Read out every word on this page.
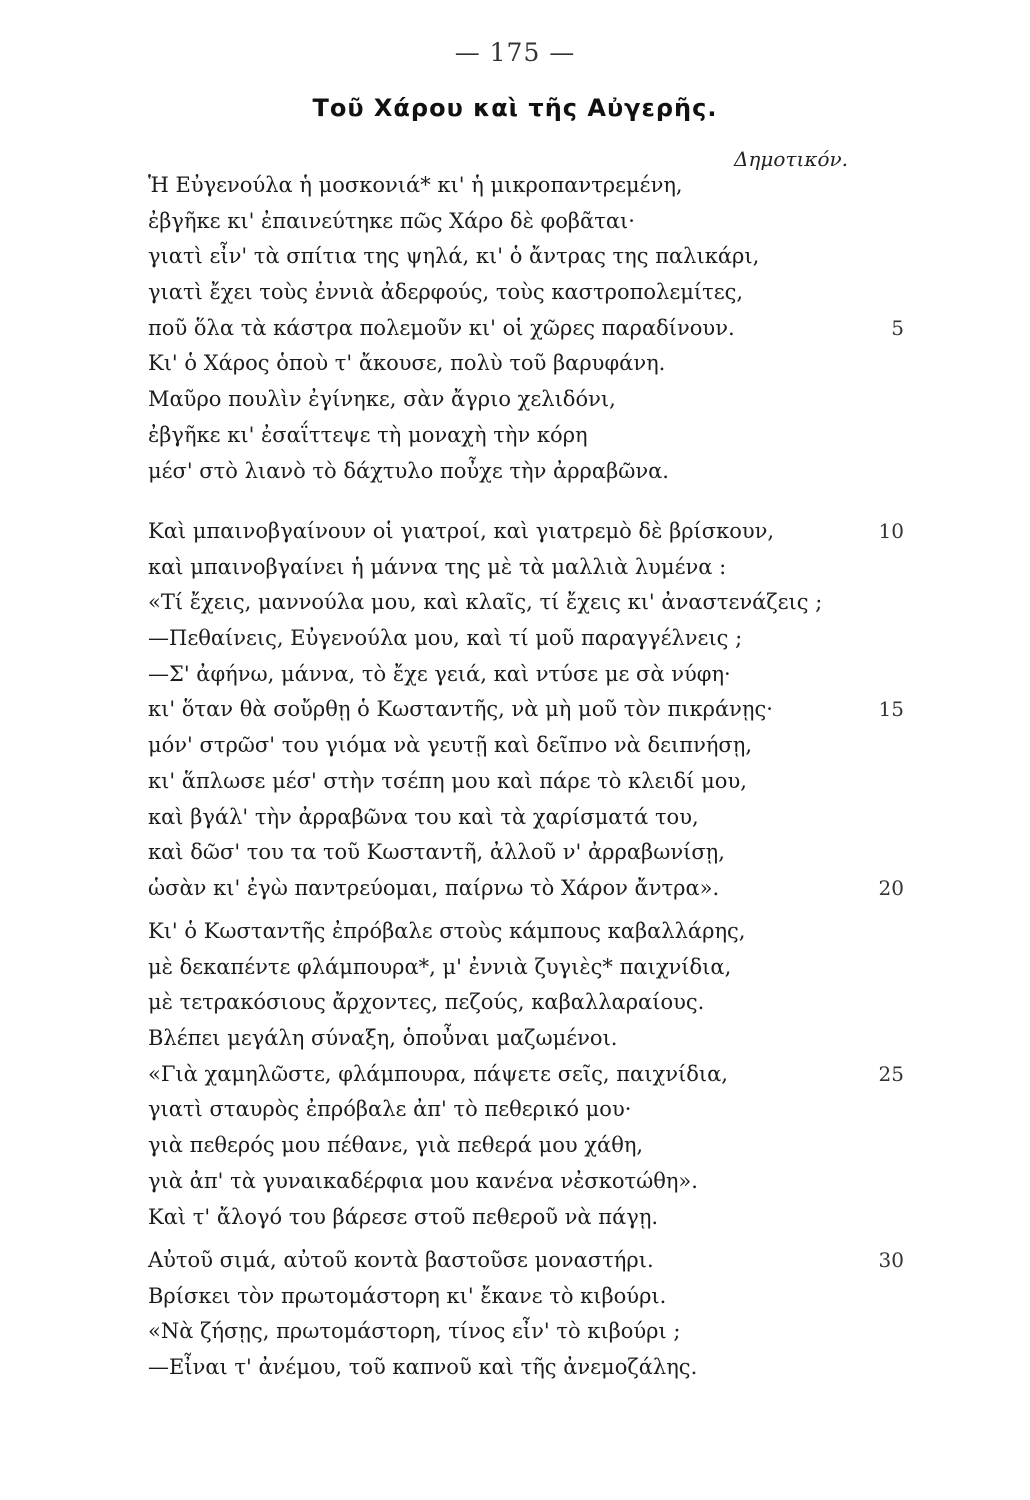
— 175 —
Τοῦ Χάρου καὶ τῆς Αὐγερῆς.
Δημοτικόν.
Ἡ Εὐγενούλα ἡ μοσκονιά* κι' ἡ μικροπαντρεμένη,
ἐβγῆκε κι' ἐπαινεύτηκε πῶς Χάρο δὲ φοβᾶται·
γιατὶ εἶν' τὰ σπίτια της ψηλά, κι' ὁ ἄντρας της παλικάρι,
γιατὶ ἔχει τοὺς ἐννιὰ ἀδερφούς, τοὺς καστροπολεμίτες,
ποῦ ὅλα τὰ κάστρα πολεμοῦν κι' οἱ χῶρες παραδίνουν.	5
Κι' ὁ Χάρος ὁποὺ τ' ἄκουσε, πολὺ τοῦ βαρυφάνη.
Μαῦρο πουλὶν ἐγίνηκε, σὰν ἄγριο χελιδόνι,
ἐβγῆκε κι' ἐσαΐττεψε τὴ μοναχὴ τὴν κόρη
μέσ' στὸ λιανὸ τὸ δάχτυλο ποὖχε τὴν ἀρραβῶνα.
Καὶ μπαινοβγαίνουν οἱ γιατροί, καὶ γιατρεμὸ δὲ βρίσκουν,	10
καὶ μπαινοβγαίνει ἡ μάννα της μὲ τὰ μαλλιὰ λυμένα :
«Τί ἔχεις, μαννούλα μου, καὶ κλαῖς, τί ἔχεις κι' ἀναστενάζεις ;
—Πεθαίνεις, Εὐγενούλα μου, καὶ τί μοῦ παραγγέλνεις ;
—Σ' ἀφήνω, μάννα, τὸ ἔχε γειά, καὶ ντύσε με σὰ νύφη·
κι' ὅταν θὰ σοὔρθῃ ὁ Κωσταντῆς, νὰ μὴ μοῦ τὸν πικράνῃς·	15
μόν' στρῶσ' του γιόμα νὰ γευτῇ καὶ δεῖπνο νὰ δειπνήσῃ,
κι' ἅπλωσε μέσ' στὴν τσέπη μου καὶ πάρε τὸ κλειδί μου,
καὶ βγάλ' τὴν ἀρραβῶνα του καὶ τὰ χαρίσματά του,
καὶ δῶσ' του τα τοῦ Κωσταντῆ, ἀλλοῦ ν' ἀρραβωνίσῃ,
ὡσὰν κι' ἐγὼ παντρεύομαι, παίρνω τὸ Χάρον ἄντρα».	20
Κι' ὁ Κωσταντῆς ἐπρόβαλε στοὺς κάμπους καβαλλάρης,
μὲ δεκαπέντε φλάμπουρα*, μ' ἐννιὰ ζυγιὲς* παιχνίδια,
μὲ τετρακόσιους ἄρχοντες, πεζούς, καβαλλαραίους.
Βλέπει μεγάλη σύναξη, ὁποὖναι μαζωμένοι.
«Γιὰ χαμηλῶστε, φλάμπουρα, πάψετε σεῖς, παιχνίδια,	25
γιατὶ σταυρὸς ἐπρόβαλε ἀπ' τὸ πεθερικό μου·
γιὰ πεθερός μου πέθανε, γιὰ πεθερά μου χάθη,
γιὰ ἀπ' τὰ γυναικαδέρφια μου κανένα νἐσκοτώθη».
Καὶ τ' ἄλογό του βάρεσε στοῦ πεθεροῦ νὰ πάγῃ.
Αὐτοῦ σιμά, αὐτοῦ κοντὰ βαστοῦσε μοναστήρι.	30
Βρίσκει τὸν πρωτομάστορη κι' ἔκανε τὸ κιβούρι.
«Νὰ ζήσῃς, πρωτομάστορη, τίνος εἶν' τὸ κιβούρι ;
—Εἶναι τ' ἀνέμου, τοῦ καπνοῦ καὶ τῆς ἀνεμοζάλης.
